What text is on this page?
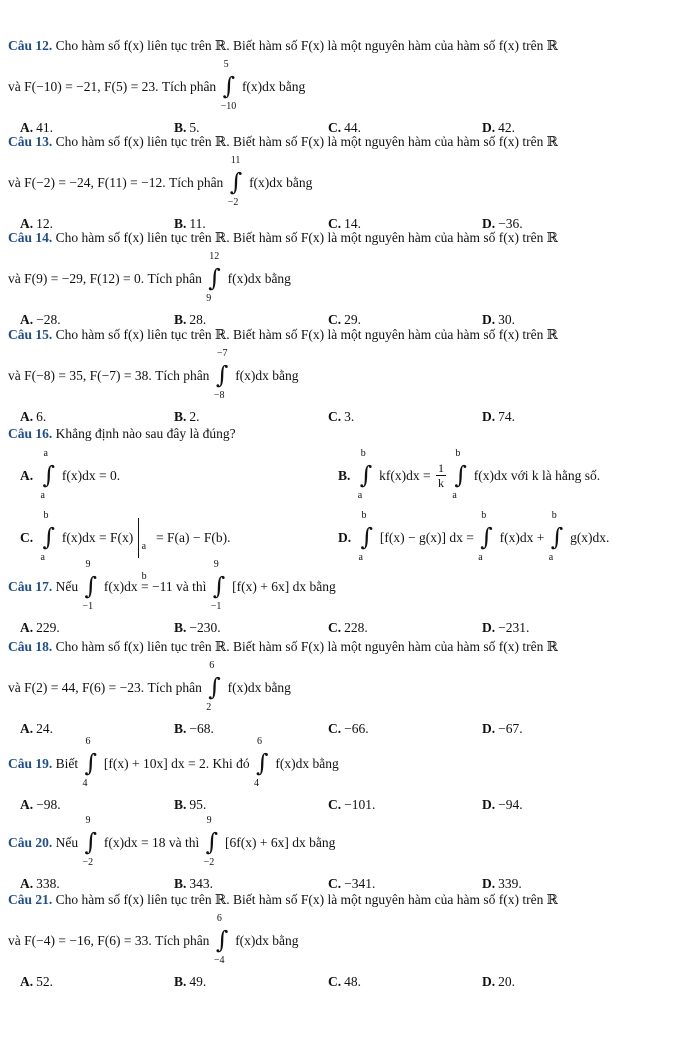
Câu 12. Cho hàm số f(x) liên tục trên ℝ. Biết hàm số F(x) là một nguyên hàm của hàm số f(x) trên ℝ
và F(−10) = −21, F(5) = 23. Tích phân
5
∫
−10
f(x)dx bằng
A. 41.	B. 5.	C. 44.	D. 42.
Câu 13. Cho hàm số f(x) liên tục trên ℝ. Biết hàm số F(x) là một nguyên hàm của hàm số f(x) trên ℝ
và F(−2) = −24, F(11) = −12. Tích phân
11
∫
−2
f(x)dx bằng
A. 12.	B. 11.	C. 14.	D. −36.
Câu 14. Cho hàm số f(x) liên tục trên ℝ. Biết hàm số F(x) là một nguyên hàm của hàm số f(x) trên ℝ
và F(9) = −29, F(12) = 0. Tích phân
12
∫
9
f(x)dx bằng
A. −28.	B. 28.	C. 29.	D. 30.
Câu 15. Cho hàm số f(x) liên tục trên ℝ. Biết hàm số F(x) là một nguyên hàm của hàm số f(x) trên ℝ
và F(−8) = 35, F(−7) = 38. Tích phân
−7
∫
−8
f(x)dx bằng
A. 6.	B. 2.	C. 3.	D. 74.
Câu 16. Khẳng định nào sau đây là đúng?
A.
a
∫
a
f(x)dx = 0.	B.
b
∫
a
$kf(x)dx = \frac{1}{k}$

b
∫
a
f(x)dx với k là hằng số.
C.
b
∫
a
f(x)dx = F(x)
a
b
= F(a) − F(b).	D.
b
∫
a
[f(x) − g(x)] dx =
b
∫
a
f(x)dx +
b
∫
a
g(x)dx.
Câu 17. Nếu
9
∫
−1
f(x)dx = −11 và thì
9
∫
−1
[f(x) + 6x] dx bằng
A. 229.	B. −230.	C. 228.	D. −231.
Câu 18. Cho hàm số f(x) liên tục trên ℝ. Biết hàm số F(x) là một nguyên hàm của hàm số f(x) trên ℝ
và F(2) = 44, F(6) = −23. Tích phân
6
∫
2
f(x)dx bằng
A. 24.	B. −68.	C. −66.	D. −67.
Câu 19. Biết
6
∫
4
[f(x) + 10x] dx = 2. Khi đó
6
∫
4
f(x)dx bằng
A. −98.	B. 95.	C. −101.	D. −94.
Câu 20. Nếu
9
∫
−2
f(x)dx = 18 và thì
9
∫
−2
[6f(x) + 6x] dx bằng
A. 338.	B. 343.	C. −341.	D. 339.
Câu 21. Cho hàm số f(x) liên tục trên ℝ. Biết hàm số F(x) là một nguyên hàm của hàm số f(x) trên ℝ
và F(−4) = −16, F(6) = 33. Tích phân
6
∫
−4
f(x)dx bằng
A. 52.	B. 49.	C. 48.	D. 20.
